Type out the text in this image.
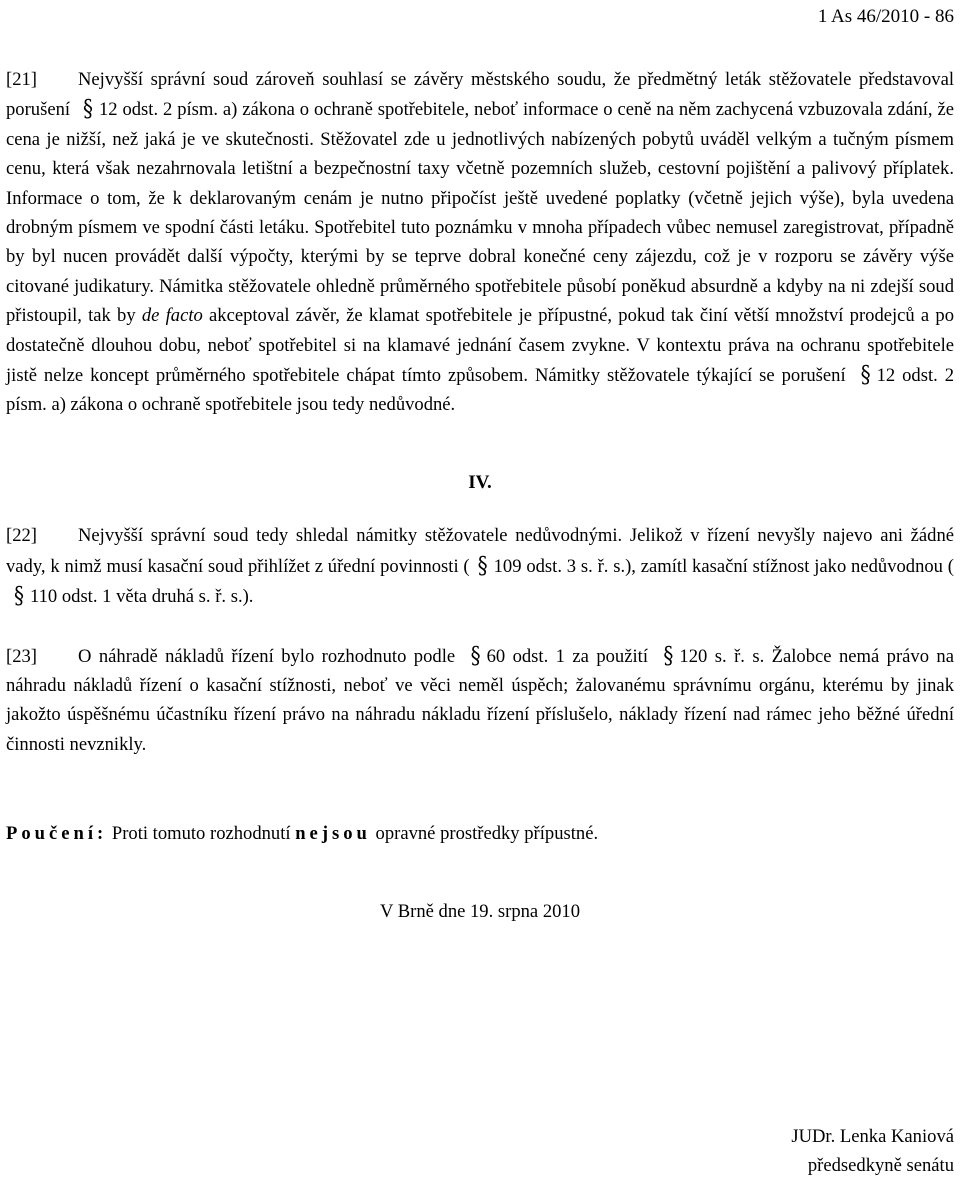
1 As 46/2010 - 86

[21] Nejvyšší správní soud zároveň souhlasí se závěry městského soudu, že předmětný leták stěžovatele představoval porušení § 12 odst. 2 písm. a) zákona o ochraně spotřebitele, neboť informace o ceně na něm zachycená vzbuzovala zdání, že cena je nižší, než jaká je ve skutečnosti. Stěžovatel zde u jednotlivých nabízených pobytů uváděl velkým a tučným písmem cenu, která však nezahrnovala letištní a bezpečnostní taxy včetně pozemních služeb, cestovní pojištění a palivový příplatek. Informace o tom, že k deklarovaným cenám je nutno připočíst ještě uvedené poplatky (včetně jejich výše), byla uvedena drobným písmem ve spodní části letáku. Spotřebitel tuto poznámku v mnoha případech vůbec nemusel zaregistrovat, případně by byl nucen provádět další výpočty, kterými by se teprve dobral konečné ceny zájezdu, což je v rozporu se závěry výše citované judikatury. Námitka stěžovatele ohledně průměrného spotřebitele působí poněkud absurdně a kdyby na ni zdejší soud přistoupil, tak by de facto akceptoval závěr, že klamat spotřebitele je přípustné, pokud tak činí větší množství prodejců a po dostatečně dlouhou dobu, neboť spotřebitel si na klamavé jednání časem zvykne. V kontextu práva na ochranu spotřebitele jistě nelze koncept průměrného spotřebitele chápat tímto způsobem. Námitky stěžovatele týkající se porušení § 12 odst. 2 písm. a) zákona o ochraně spotřebitele jsou tedy nedůvodné.

IV.

[22] Nejvyšší správní soud tedy shledal námitky stěžovatele nedůvodnými. Jelikož v řízení nevyšly najevo ani žádné vady, k nimž musí kasační soud přihlížet z úřední povinnosti ( § 109 odst. 3 s. ř. s.), zamítl kasační stížnost jako nedůvodnou (§ 110 odst. 1 věta druhá s. ř. s.).

[23] O náhradě nákladů řízení bylo rozhodnuto podle § 60 odst. 1 za použití § 120 s. ř. s. Žalobce nemá právo na náhradu nákladů řízení o kasační stížnosti, neboť ve věci neměl úspěch; žalovanému správnímu orgánu, kterému by jinak jakožto úspěšnému účastníku řízení právo na náhradu nákladu řízení příslušelo, náklady řízení nad rámec jeho běžné úřední činnosti nevznikly.

Poučení: Proti tomuto rozhodnutí nejsou opravné prostředky přípustné.

V Brně dne 19. srpna 2010

JUDr. Lenka Kaniová
předsedkyně senátu
